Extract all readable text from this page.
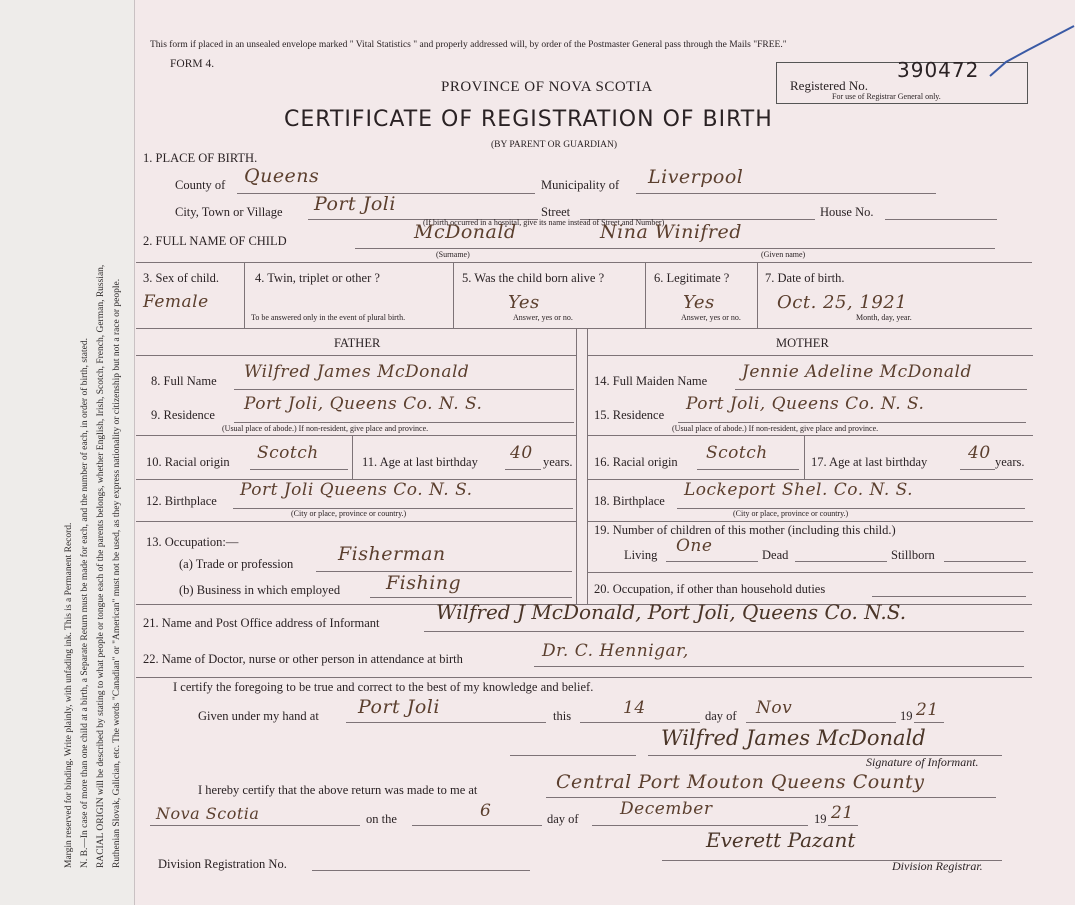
Margin reserved for binding. Write plainly, with unfading ink. This is a Permanent Record. N. B.—In case of more than one child at a birth, a Separate Return must be made for each, and the number of each, in order of birth, stated. RACIAL ORIGIN will be described by stating to what people or tongue each of the parents belongs, whether English, Irish, Scotch, French, German, Russian, Ruthenian Slovak, Galician, etc. The words "Canadian" or "American" must not be used, as they express nationality or citizenship but not a race or people.
This form if placed in an unsealed envelope marked " Vital Statistics " and properly addressed will, by order of the Postmaster General pass through the Mails "FREE."
FORM 4.
PROVINCE OF NOVA SCOTIA
CERTIFICATE OF REGISTRATION OF BIRTH
(BY PARENT OR GUARDIAN)
Registered No.
390472
For use of Registrar General only.
1. PLACE OF BIRTH.
County of Queens	Municipality of Liverpool
City, Town or Village Port Joli	Street	House No.
(If birth occurred in a hospital, give its name instead of Street and Number)
2. FULL NAME OF CHILD	McDonald	Nina Winifred
(Surname)	(Given name)
3. Sex of child.
Female
4. Twin, triplet or other ?
To be answered only in the event of plural birth.
5. Was the child born alive ?
Yes
Answer, yes or no.
6. Legitimate ?
Yes
Answer, yes or no.
7. Date of birth.
Oct. 25, 1921
Month, day, year.
FATHER	MOTHER
8. Full Name Wilfred James McDonald
9. Residence
Port Joli, Queens Co. N. S.
(Usual place of abode.) If non-resident, give place and province.
10. Racial origin Scotch	11. Age at last birthday 40 years.
12. Birthplace
Port Joli Queens Co. N. S.
(City or place, province or country.)
13. Occupation:—
(a) Trade or profession Fisherman
(b) Business in which employed Fishing
14. Full Maiden Name Jennie Adeline McDonald
15. Residence
Port Joli, Queens Co. N. S.
(Usual place of abode.) If non-resident, give place and province.
16. Racial origin Scotch	17. Age at last birthday 40 years.
18. Birthplace
Lockeport Shel. Co. N. S.
(City or place, province or country.)
19. Number of children of this mother (including this child.)
Living One	Dead	Stillborn
20. Occupation, if other than household duties
21. Name and Post Office address of Informant	Wilfred J McDonald, Port Joli, Queens Co. N.S.
22. Name of Doctor, nurse or other person in attendance at birth	Dr. C. Hennigar,
I certify the foregoing to be true and correct to the best of my knowledge and belief.
Given under my hand at Port Joli	this	14	day of Nov	19 21
Wilfred James McDonald
Signature of Informant.
I hereby certify that the above return was made to me at	Central Port Mouton Queens County
Nova Scotia	on the	6	day of December	19 21
Division Registration No.
Everett Pazant
Division Registrar.
